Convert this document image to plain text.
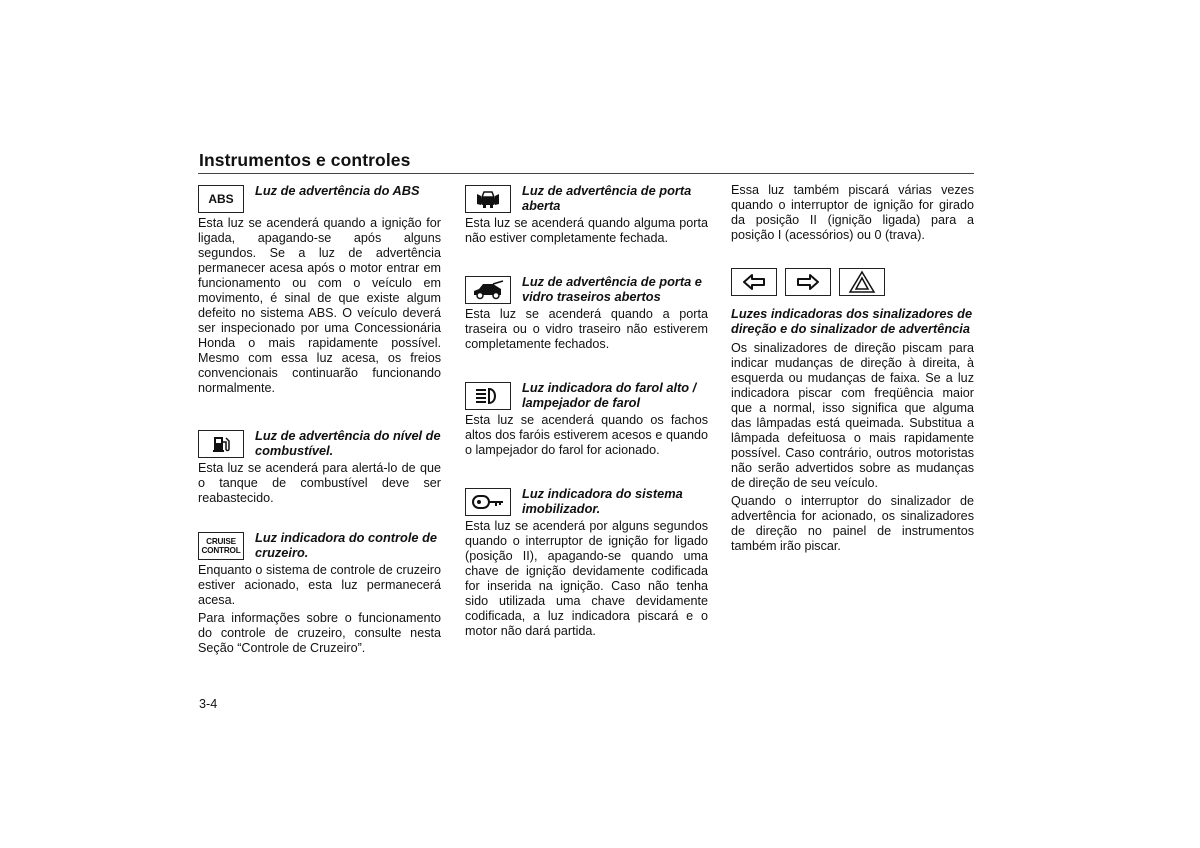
Instrumentos e controles
ABS
Luz de advertência do ABS

Esta luz se acenderá quando a ignição for ligada, apagando-se após alguns segundos. Se a luz de advertência permanecer acesa após o motor entrar em funcionamento ou com o veículo em movimento, é sinal de que existe algum defeito no sistema ABS. O veículo deverá ser inspecionado por uma Concessionária Honda o mais rapidamente possível. Mesmo com essa luz acesa, os freios convencionais continuarão funcionando normalmente.

Luz de advertência do nível de combustível.

Esta luz se acenderá para alertá-lo de que o tanque de combustível deve ser reabastecido.

CRUISE
CONTROL
Luz indicadora do controle de cruzeiro.

Enquanto o sistema de controle de cruzeiro estiver acionado, esta luz permanecerá acesa.

Para informações sobre o funcionamento do controle de cruzeiro, consulte nesta Seção “Controle de Cruzeiro”.

Luz de advertência de porta aberta

Esta luz se acenderá quando alguma porta não estiver completamente fechada.

Luz de advertência de porta e vidro traseiros abertos

Esta luz se acenderá quando a porta traseira ou o vidro traseiro não estiverem completamente fechados.

Luz indicadora do farol alto / lampejador de farol

Esta luz se acenderá quando os fachos altos dos faróis estiverem acesos e quando o lampejador do farol for acionado.

Luz indicadora do sistema imobilizador.

Esta luz se acenderá por alguns segundos quando o interruptor de ignição for ligado (posição II), apagando-se quando uma chave de ignição devidamente codificada for inserida na ignição. Caso não tenha sido utilizada uma chave devidamente codificada, a luz indicadora piscará e o motor não dará partida.

Essa luz também piscará várias vezes quando o interruptor de ignição for girado da posição II (ignição ligada) para a posição I (acessórios) ou 0 (trava).

Luzes indicadoras dos sinalizadores de direção e do sinalizador de advertência

Os sinalizadores de direção piscam para indicar mudanças de direção à direita, à esquerda ou mudanças de faixa. Se a luz indicadora piscar com freqüência maior que a normal, isso significa que alguma das lâmpadas está queimada. Substitua a lâmpada defeituosa o mais rapidamente possível. Caso contrário, outros motoristas não serão advertidos sobre as mudanças de direção de seu veículo.

Quando o interruptor do sinalizador de advertência for acionado, os sinalizadores de direção no painel de instrumentos também irão piscar.

3-4
